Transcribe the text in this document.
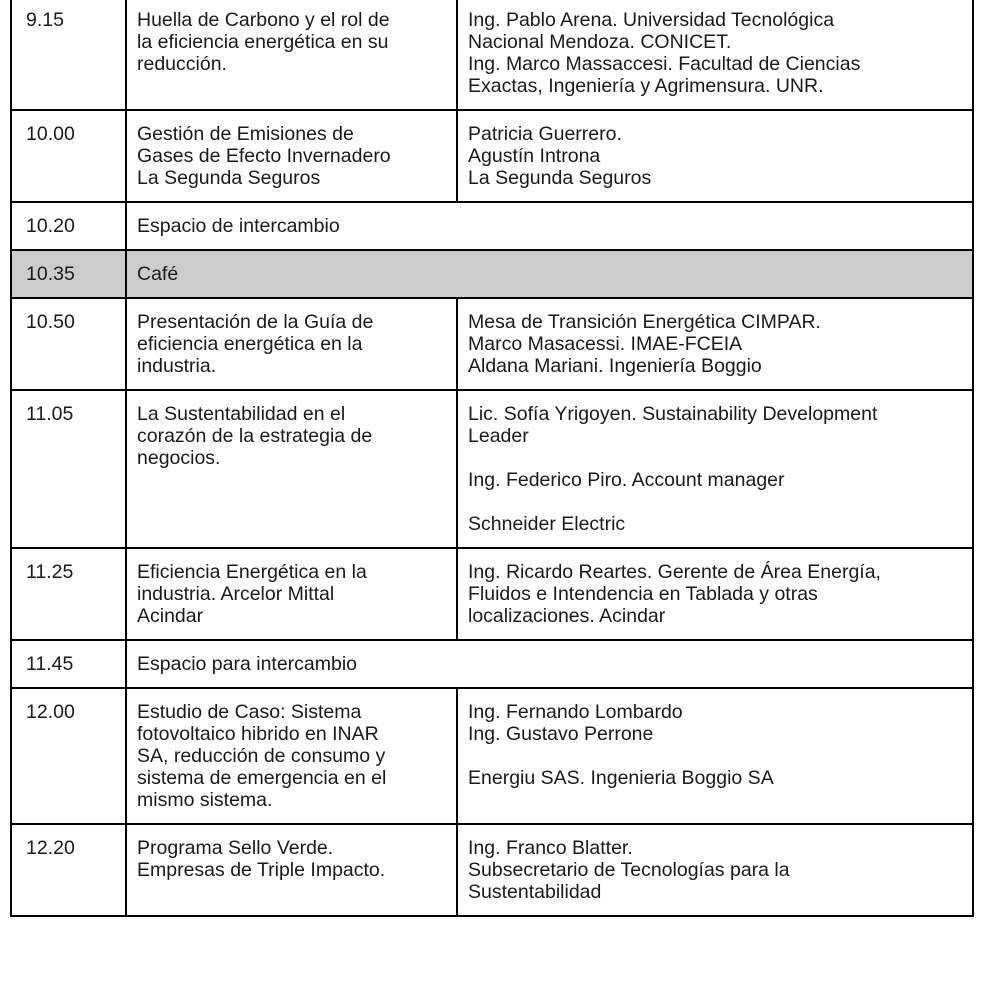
9.15	Huella de Carbono y el rol de
la eficiencia energética en su
reducción.	Ing. Pablo Arena. Universidad Tecnológica
Nacional Mendoza. CONICET.
Ing. Marco Massaccesi. Facultad de Ciencias
Exactas, Ingeniería y Agrimensura. UNR.

10.00	Gestión de Emisiones de
Gases de Efecto Invernadero
La Segunda Seguros	Patricia Guerrero.
Agustín Introna
La Segunda Seguros

10.20	Espacio de intercambio	

10.35	Café	

10.50	Presentación de la Guía de
eficiencia energética en la
industria.	Mesa de Transición Energética CIMPAR.
Marco Masacessi. IMAE-FCEIA
Aldana Mariani. Ingeniería Boggio

11.05	La Sustentabilidad en el
corazón de la estrategia de
negocios.	Lic. Sofía Yrigoyen. Sustainability Development
Leader
Ing. Federico Piro. Account manager
Schneider Electric

11.25	Eficiencia Energética en la
industria. Arcelor Mittal
Acindar	Ing. Ricardo Reartes. Gerente de Área Energía,
Fluidos e Intendencia en Tablada y otras
localizaciones. Acindar

11.45	Espacio para intercambio	

12.00	Estudio de Caso: Sistema
fotovoltaico hibrido en INAR
SA, reducción de consumo y
sistema de emergencia en el
mismo sistema.	Ing. Fernando Lombardo
Ing. Gustavo Perrone
Energiu SAS. Ingenieria Boggio SA

12.20	Programa Sello Verde.
Empresas de Triple Impacto.	Ing. Franco Blatter.
Subsecretario de Tecnologías para la
Sustentabilidad
